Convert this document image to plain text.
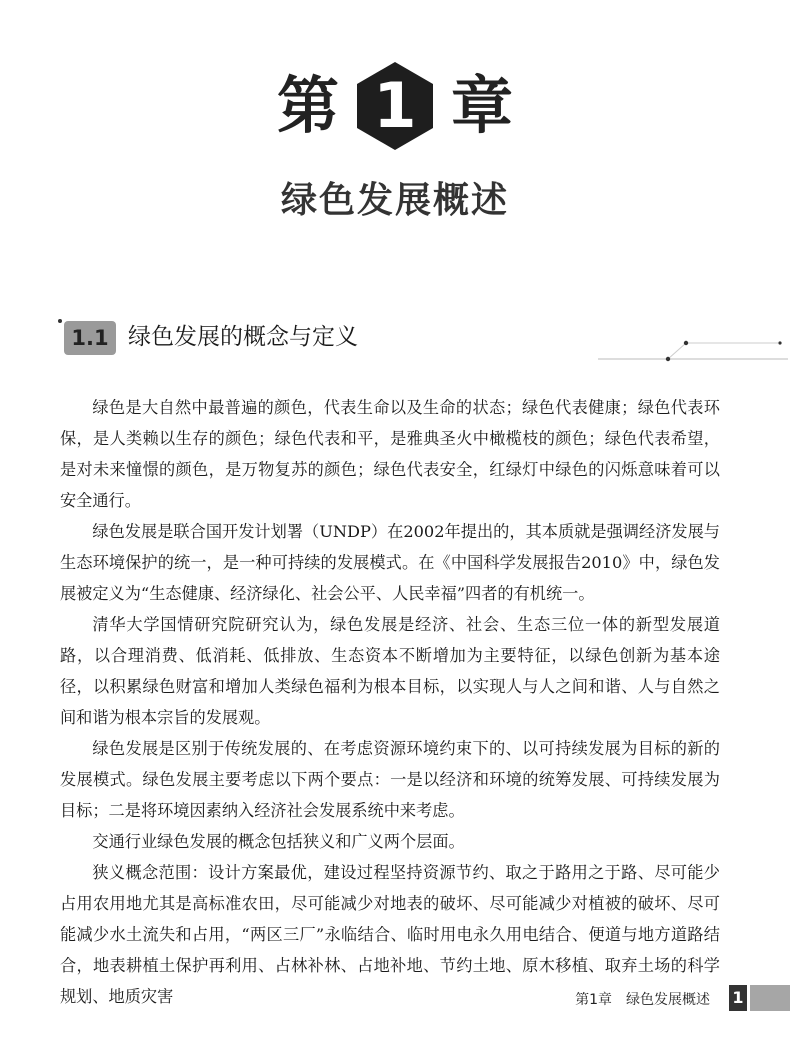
第 1 章
绿色发展概述
1.1 绿色发展的概念与定义

绿色是大自然中最普遍的颜色，代表生命以及生命的状态；绿色代表健康；绿色代表环保，是人类赖以生存的颜色；绿色代表和平，是雅典圣火中橄榄枝的颜色；绿色代表希望，是对未来憧憬的颜色，是万物复苏的颜色；绿色代表安全，红绿灯中绿色的闪烁意味着可以安全通行。

绿色发展是联合国开发计划署（UNDP）在2002年提出的，其本质就是强调经济发展与生态环境保护的统一，是一种可持续的发展模式。在《中国科学发展报告2010》中，绿色发展被定义为“生态健康、经济绿化、社会公平、人民幸福”四者的有机统一。

清华大学国情研究院研究认为，绿色发展是经济、社会、生态三位一体的新型发展道路，以合理消费、低消耗、低排放、生态资本不断增加为主要特征，以绿色创新为基本途径，以积累绿色财富和增加人类绿色福利为根本目标，以实现人与人之间和谐、人与自然之间和谐为根本宗旨的发展观。

绿色发展是区别于传统发展的、在考虑资源环境约束下的、以可持续发展为目标的新的发展模式。绿色发展主要考虑以下两个要点：一是以经济和环境的统筹发展、可持续发展为目标；二是将环境因素纳入经济社会发展系统中来考虑。

交通行业绿色发展的概念包括狭义和广义两个层面。

狭义概念范围：设计方案最优，建设过程坚持资源节约、取之于路用之于路、尽可能少占用农用地尤其是高标准农田，尽可能减少对地表的破坏、尽可能减少对植被的破坏、尽可能减少水土流失和占用，“两区三厂”永临结合、临时用电永久用电结合、便道与地方道路结合，地表耕植土保护再利用、占林补林、占地补地、节约土地、原木移植、取弃土场的科学规划、地质灾害	第1章 绿色发展概述 1
